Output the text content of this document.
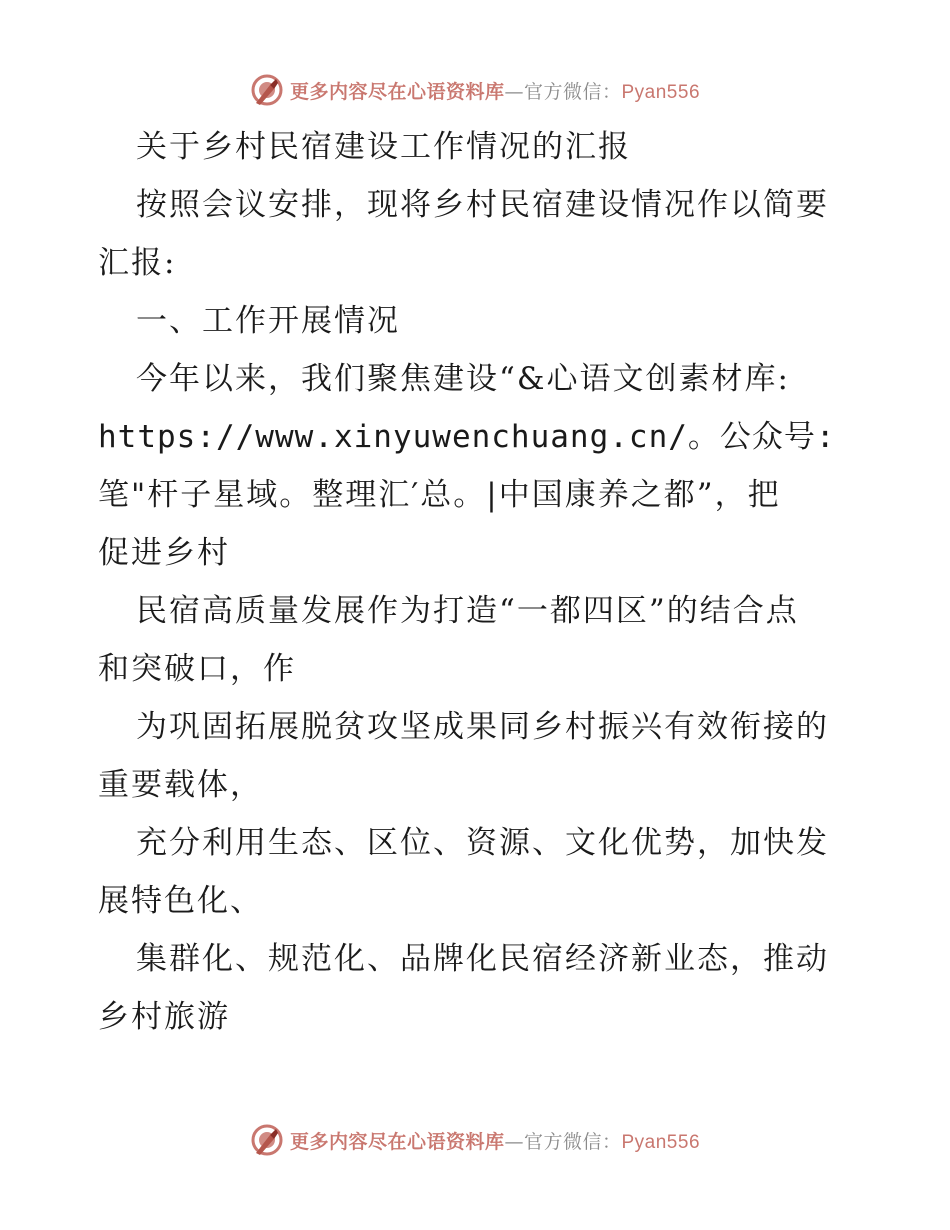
更多内容尽在心语资料库—官方微信：Pyan556
关于乡村民宿建设工作情况的汇报
按照会议安排，现将乡村民宿建设情况作以简要
汇报:
一、工作开展情况
今年以来，我们聚焦建设“&心语文创素材库:
https://www.xinyuwenchuang.cn/。公众号:
笔"杆子星域。整理汇′总。|中国康养之都”，把
促进乡村
民宿高质量发展作为打造“一都四区”的结合点
和突破口，作
为巩固拓展脱贫攻坚成果同乡村振兴有效衔接的
重要载体，
充分利用生态、区位、资源、文化优势，加快发
展特色化、
集群化、规范化、品牌化民宿经济新业态，推动
乡村旅游
更多内容尽在心语资料库—官方微信：Pyan556
